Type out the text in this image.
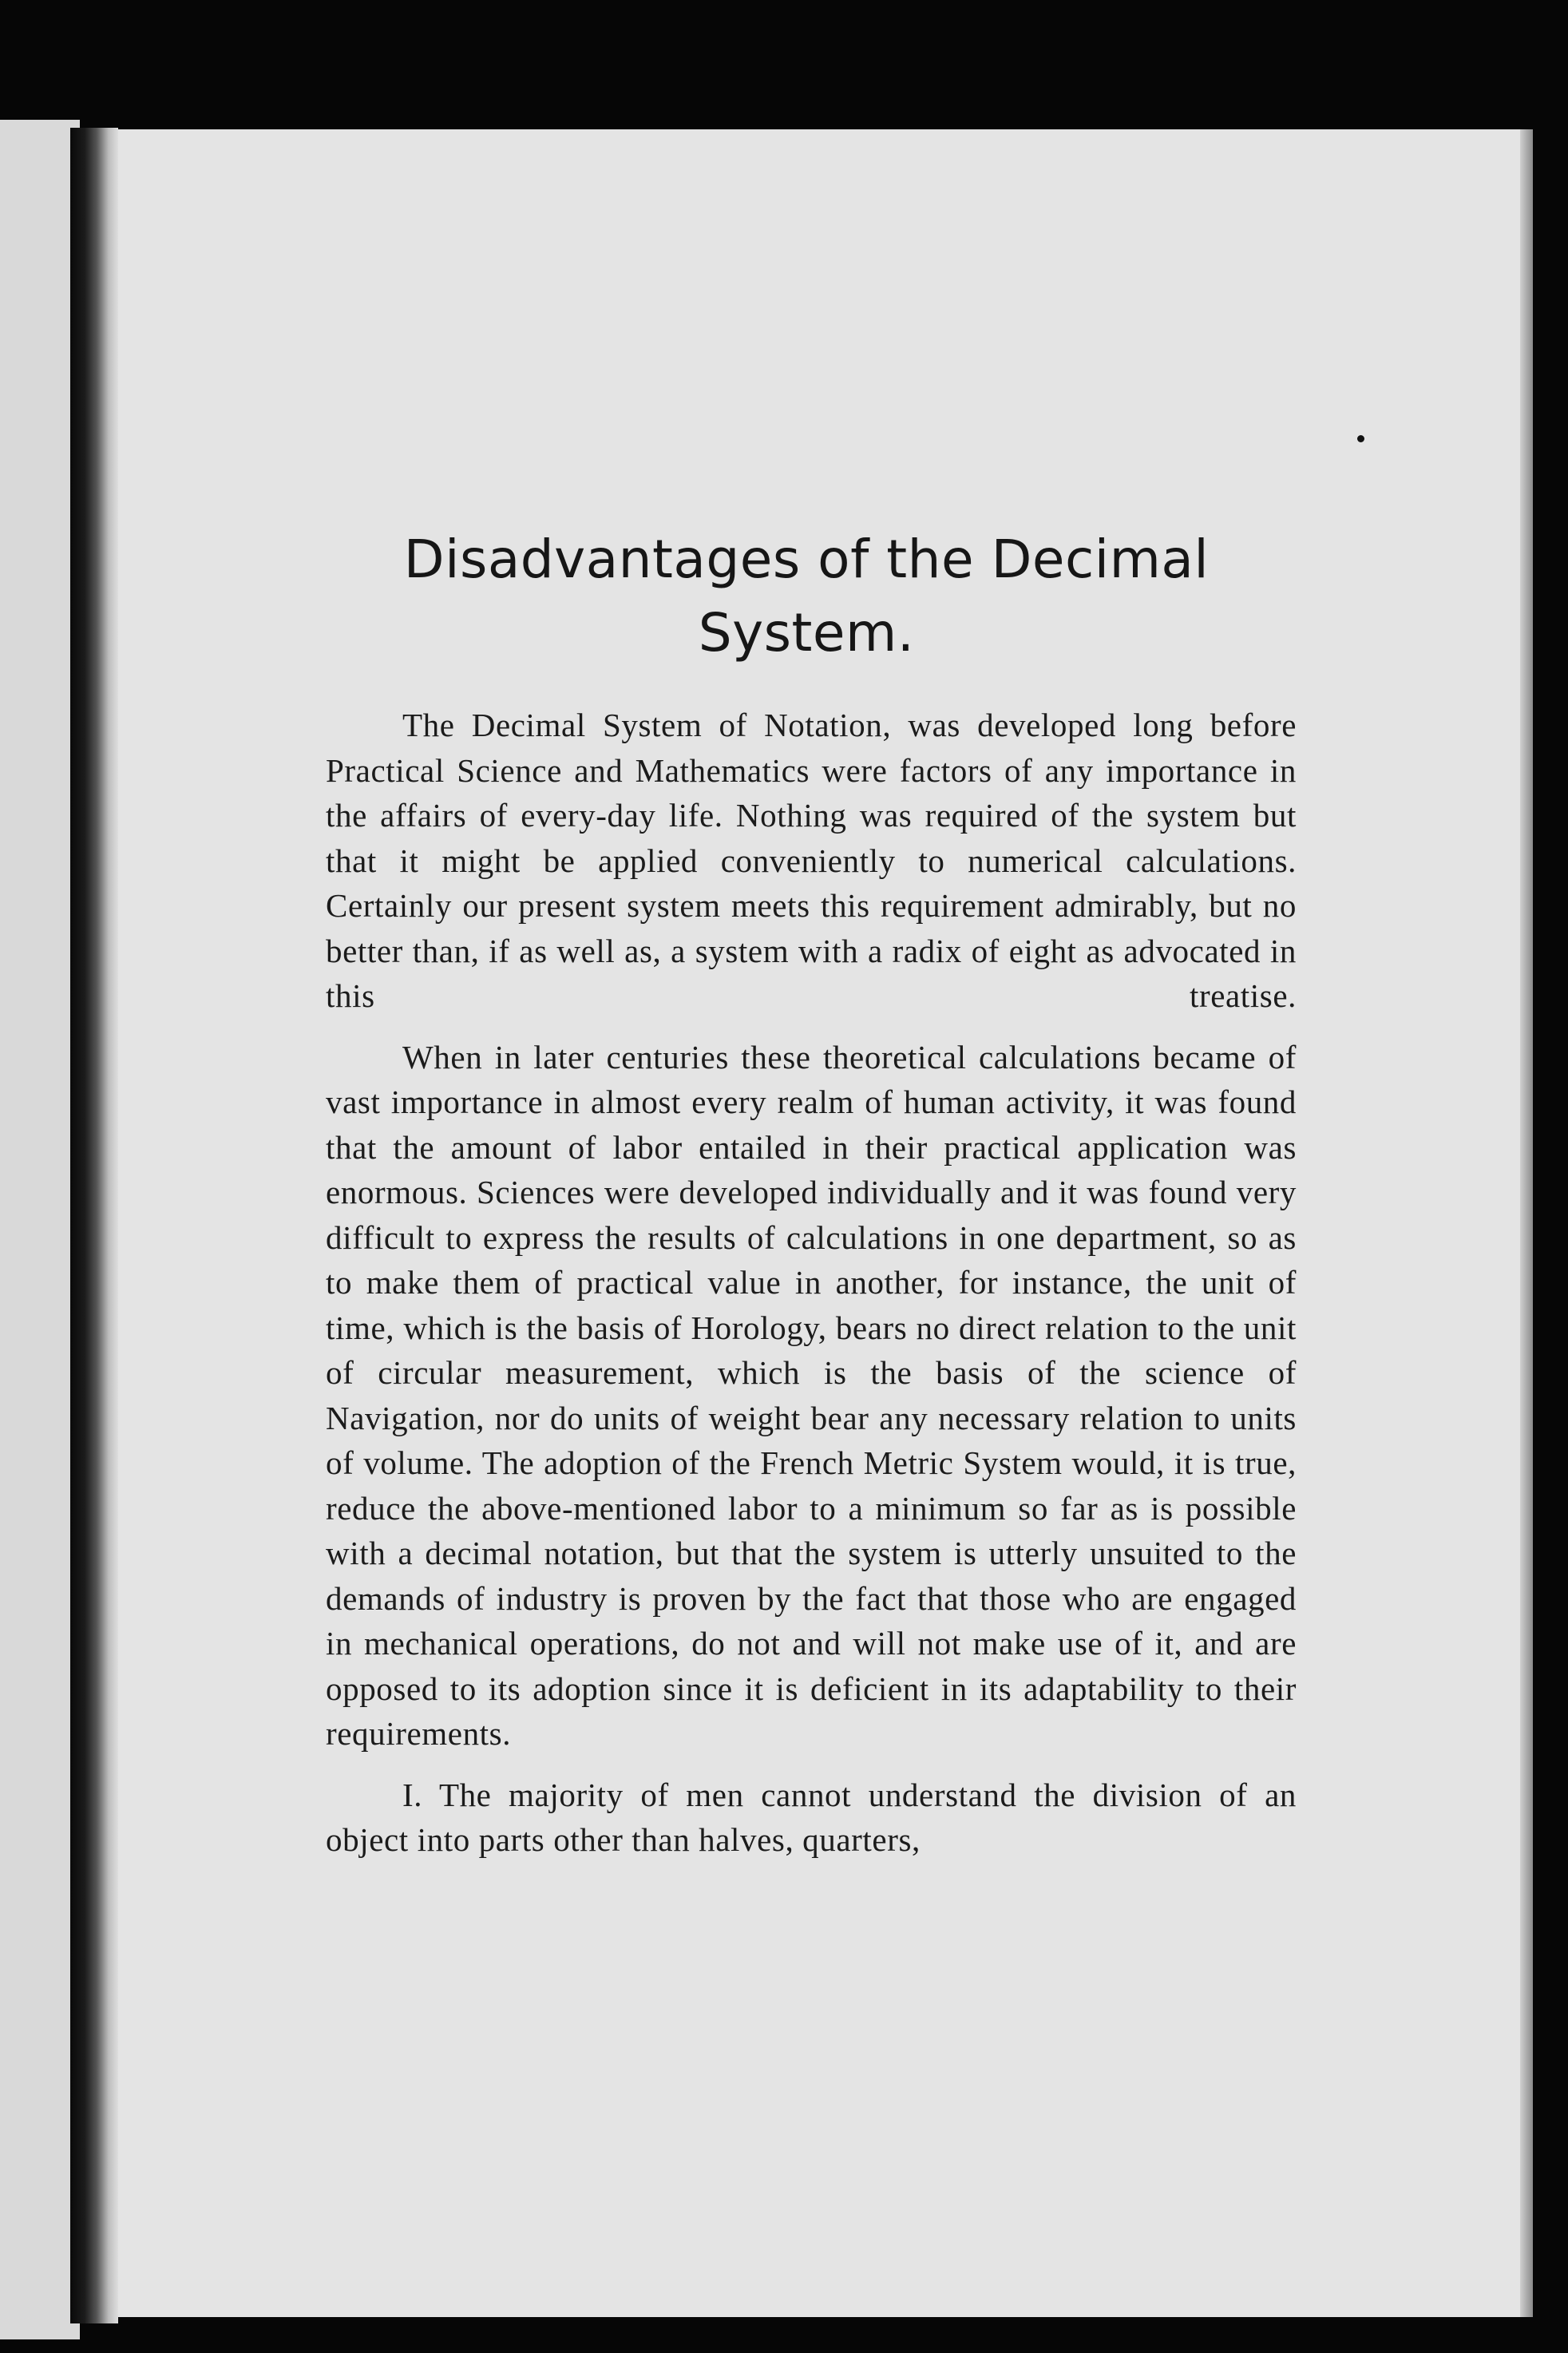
Disadvantages of the Decimal System.

The Decimal System of Notation, was developed long before Practical Science and Mathematics were factors of any importance in the affairs of every-day life. Nothing was required of the system but that it might be applied conveniently to numerical calculations. Certainly our present system meets this requirement admirably, but no better than, if as well as, a system with a radix of eight as advocated in this treatise.

When in later centuries these theoretical calculations became of vast importance in almost every realm of human activity, it was found that the amount of labor entailed in their practical application was enormous. Sciences were developed individually and it was found very difficult to express the results of calculations in one department, so as to make them of practical value in another, for instance, the unit of time, which is the basis of Horology, bears no direct relation to the unit of circular measurement, which is the basis of the science of Navigation, nor do units of weight bear any necessary relation to units of volume. The adoption of the French Metric System would, it is true, reduce the above-mentioned labor to a minimum so far as is possible with a decimal notation, but that the system is utterly unsuited to the demands of industry is proven by the fact that those who are engaged in mechanical operations, do not and will not make use of it, and are opposed to its adoption since it is deficient in its adaptability to their requirements.

I. The majority of men cannot understand the division of an object into parts other than halves, quarters,
